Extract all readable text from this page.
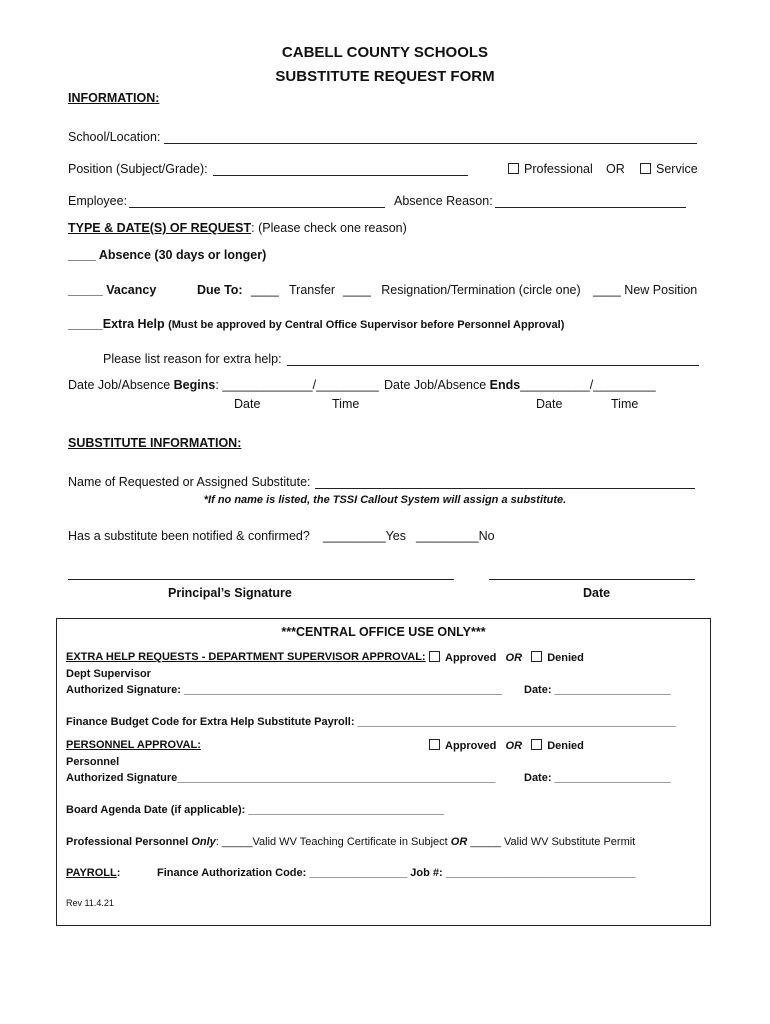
CABELL COUNTY SCHOOLS
SUBSTITUTE REQUEST FORM
INFORMATION:
School/Location:
Position (Subject/Grade):	Professional OR	Service
Employee:	Absence Reason:
TYPE & DATE(S) OF REQUEST: (Please check one reason)
____ Absence (30 days or longer)
_____ Vacancy	Due To: ____ Transfer ____ Resignation/Termination (circle one) ____ New Position
_____Extra Help (Must be approved by Central Office Supervisor before Personnel Approval)
Please list reason for extra help:
Date Job/Absence Begins: _____________/_________ Date Job/Absence Ends__________/_________
Date	Time	Date	Time
SUBSTITUTE INFORMATION:
Name of Requested or Assigned Substitute:
*If no name is listed, the TSSI Callout System will assign a substitute.
Has a substitute been notified & confirmed? _________Yes _________No
Principal’s Signature	Date
***CENTRAL OFFICE USE ONLY***
EXTRA HELP REQUESTS - DEPARTMENT SUPERVISOR APPROVAL:	Approved OR Denied
Dept Supervisor
Authorized Signature: ____________________________________________________ Date: ___________________
Finance Budget Code for Extra Help Substitute Payroll: ____________________________________________________
PERSONNEL APPROVAL:	Approved OR Denied
Personnel
Authorized Signature____________________________________________________	Date: ___________________
Board Agenda Date (if applicable): ________________________________
Professional Personnel Only: _____Valid WV Teaching Certificate in Subject OR _____ Valid WV Substitute Permit
PAYROLL:	Finance Authorization Code: ________________ Job #: _______________________________
Rev 11.4.21
